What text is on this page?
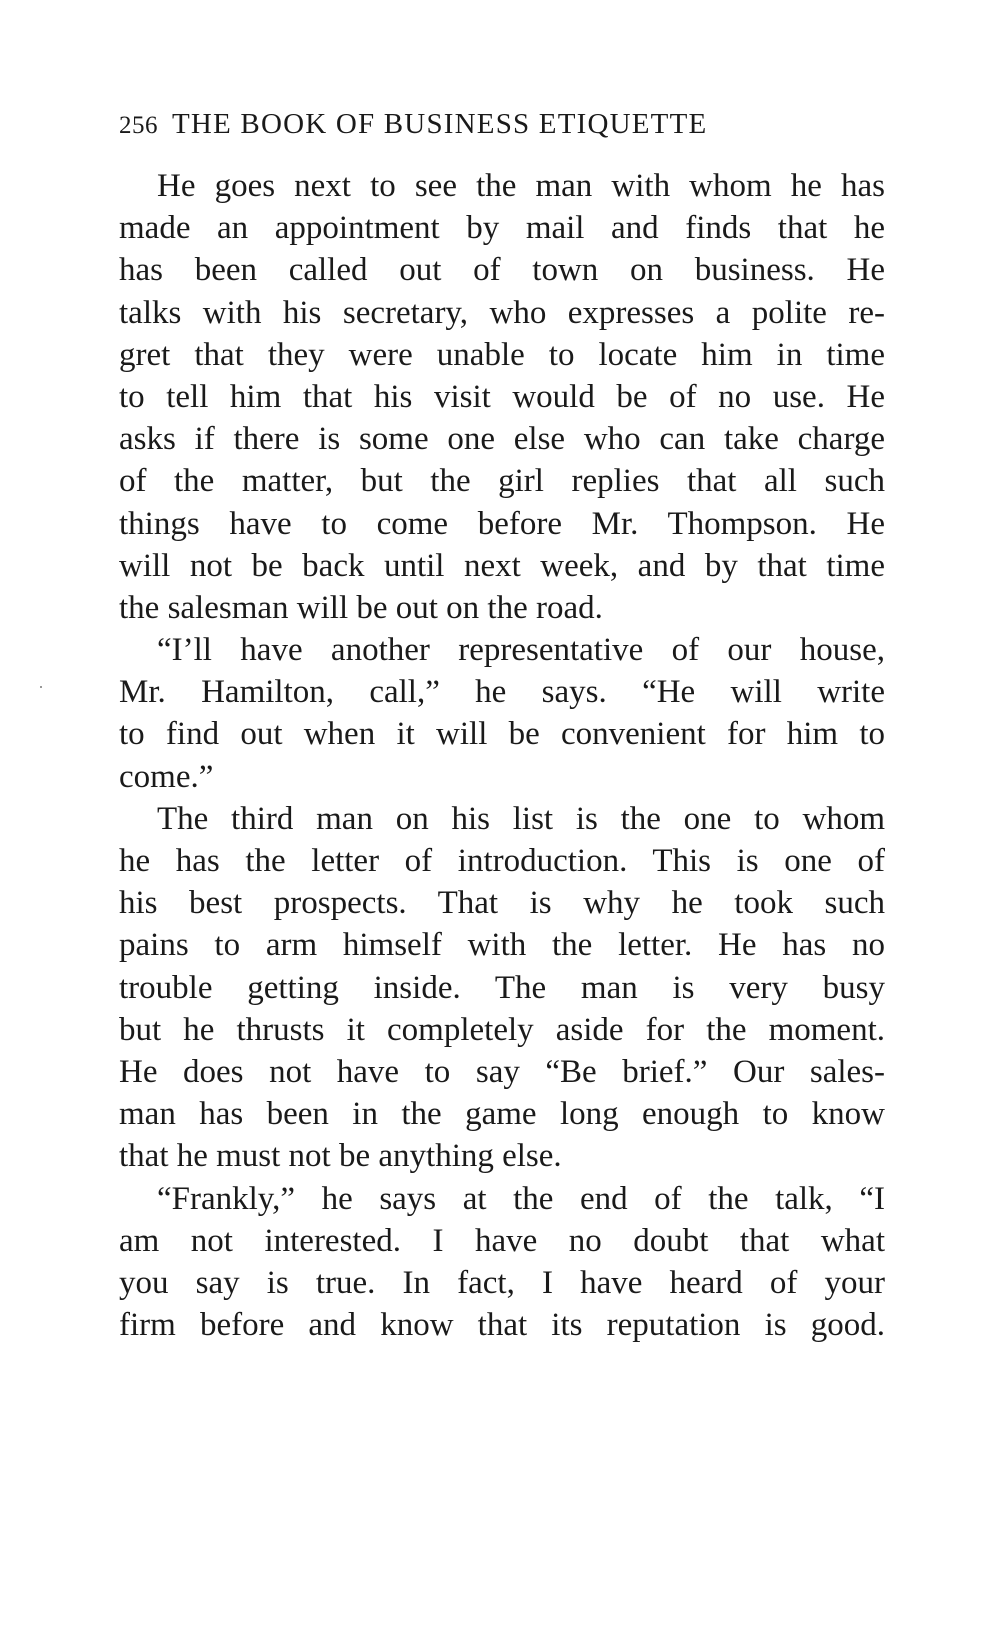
256 THE BOOK OF BUSINESS ETIQUETTE
He goes next to see the man with whom he has
made an appointment by mail and finds that he
has been called out of town on business. He
talks with his secretary, who expresses a polite re-
gret that they were unable to locate him in time
to tell him that his visit would be of no use. He
asks if there is some one else who can take charge
of the matter, but the girl replies that all such
things have to come before Mr. Thompson. He
will not be back until next week, and by that time
the salesman will be out on the road.
“I’ll have another representative of our house,
Mr. Hamilton, call,” he says. “He will write
to find out when it will be convenient for him to
come.”
The third man on his list is the one to whom
he has the letter of introduction. This is one of
his best prospects. That is why he took such
pains to arm himself with the letter. He has no
trouble getting inside. The man is very busy
but he thrusts it completely aside for the moment.
He does not have to say “Be brief.” Our sales-
man has been in the game long enough to know
that he must not be anything else.
“Frankly,” he says at the end of the talk, “I
am not interested. I have no doubt that what
you say is true. In fact, I have heard of your
firm before and know that its reputation is good.
